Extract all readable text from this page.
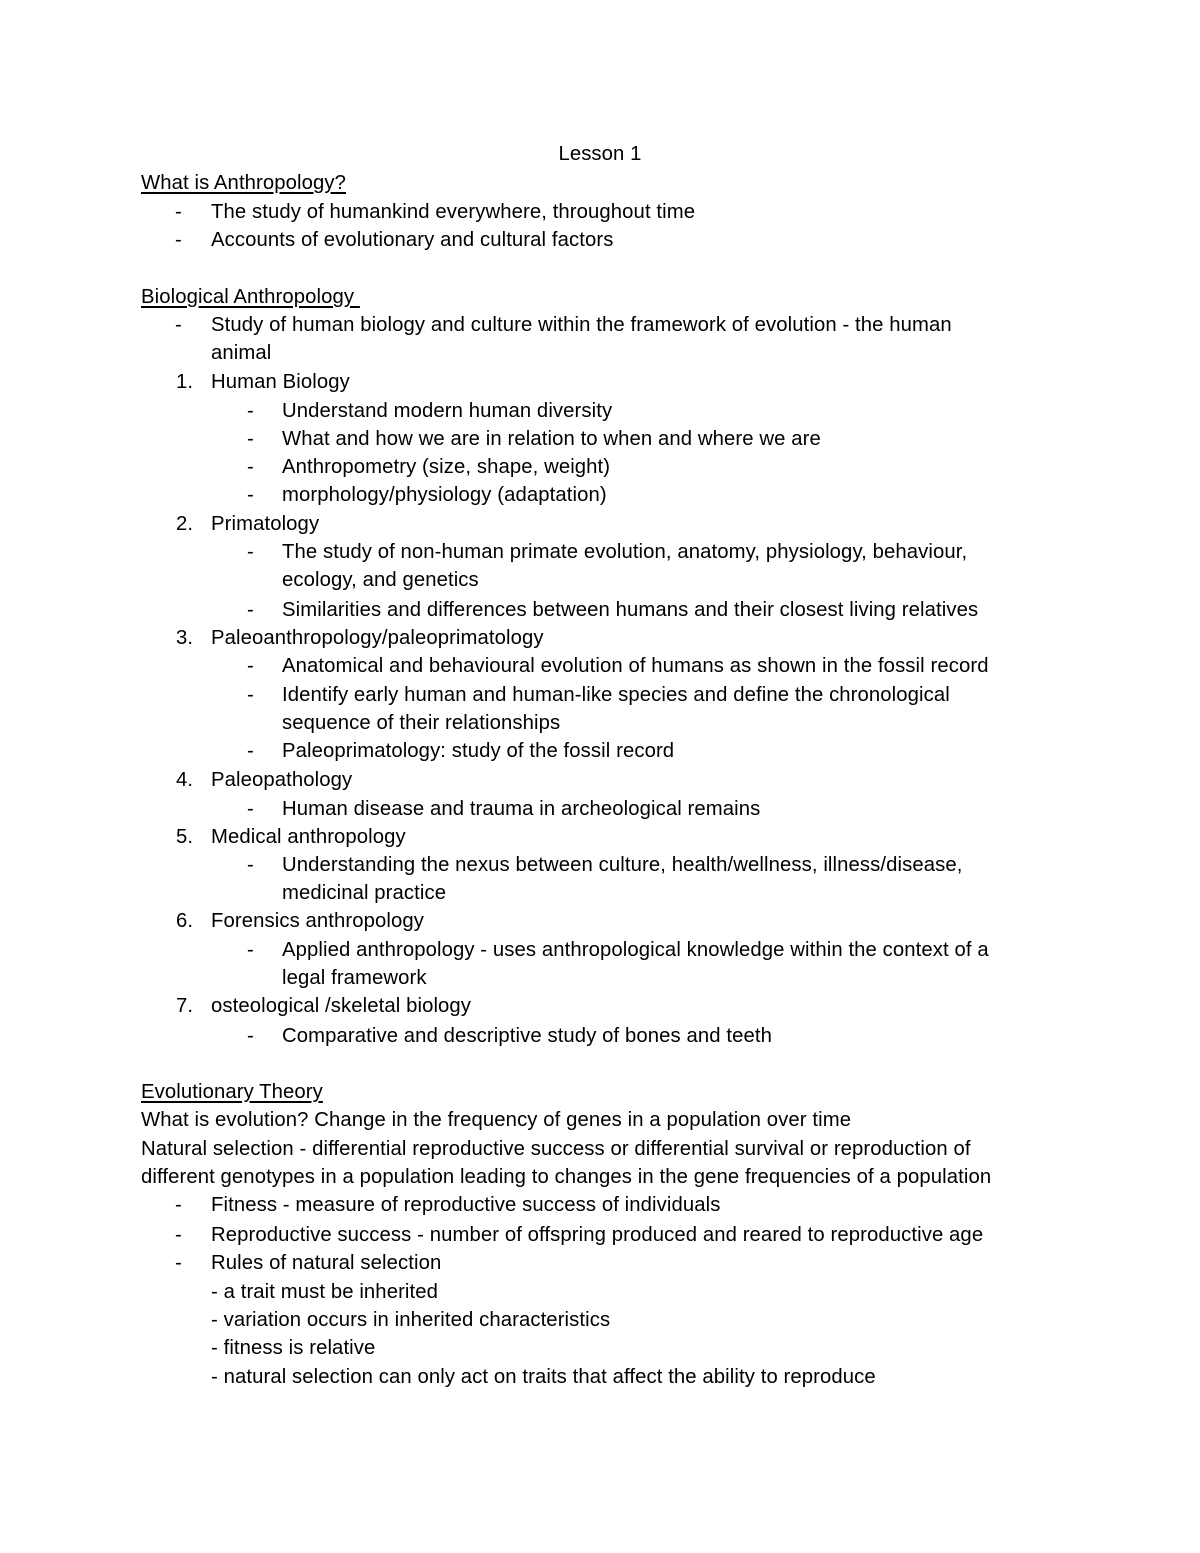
Lesson 1
What is Anthropology?
- The study of humankind everywhere, throughout time
- Accounts of evolutionary and cultural factors
Biological Anthropology
- Study of human biology and culture within the framework of evolution - the human
animal
1. Human Biology
- Understand modern human diversity
- What and how we are in relation to when and where we are
- Anthropometry (size, shape, weight)
- morphology/physiology (adaptation)
2. Primatology
- The study of non-human primate evolution, anatomy, physiology, behaviour,
ecology, and genetics
- Similarities and differences between humans and their closest living relatives
3. Paleoanthropology/paleoprimatology
- Anatomical and behavioural evolution of humans as shown in the fossil record
- Identify early human and human-like species and define the chronological
sequence of their relationships
- Paleoprimatology: study of the fossil record
4. Paleopathology
- Human disease and trauma in archeological remains
5. Medical anthropology
- Understanding the nexus between culture, health/wellness, illness/disease,
medicinal practice
6. Forensics anthropology
- Applied anthropology - uses anthropological knowledge within the context of a
legal framework
7. osteological /skeletal biology
- Comparative and descriptive study of bones and teeth
Evolutionary Theory
What is evolution? Change in the frequency of genes in a population over time
Natural selection - differential reproductive success or differential survival or reproduction of
different genotypes in a population leading to changes in the gene frequencies of a population
- Fitness - measure of reproductive success of individuals
- Reproductive success - number of offspring produced and reared to reproductive age
- Rules of natural selection
- a trait must be inherited
- variation occurs in inherited characteristics
- fitness is relative
- natural selection can only act on traits that affect the ability to reproduce
